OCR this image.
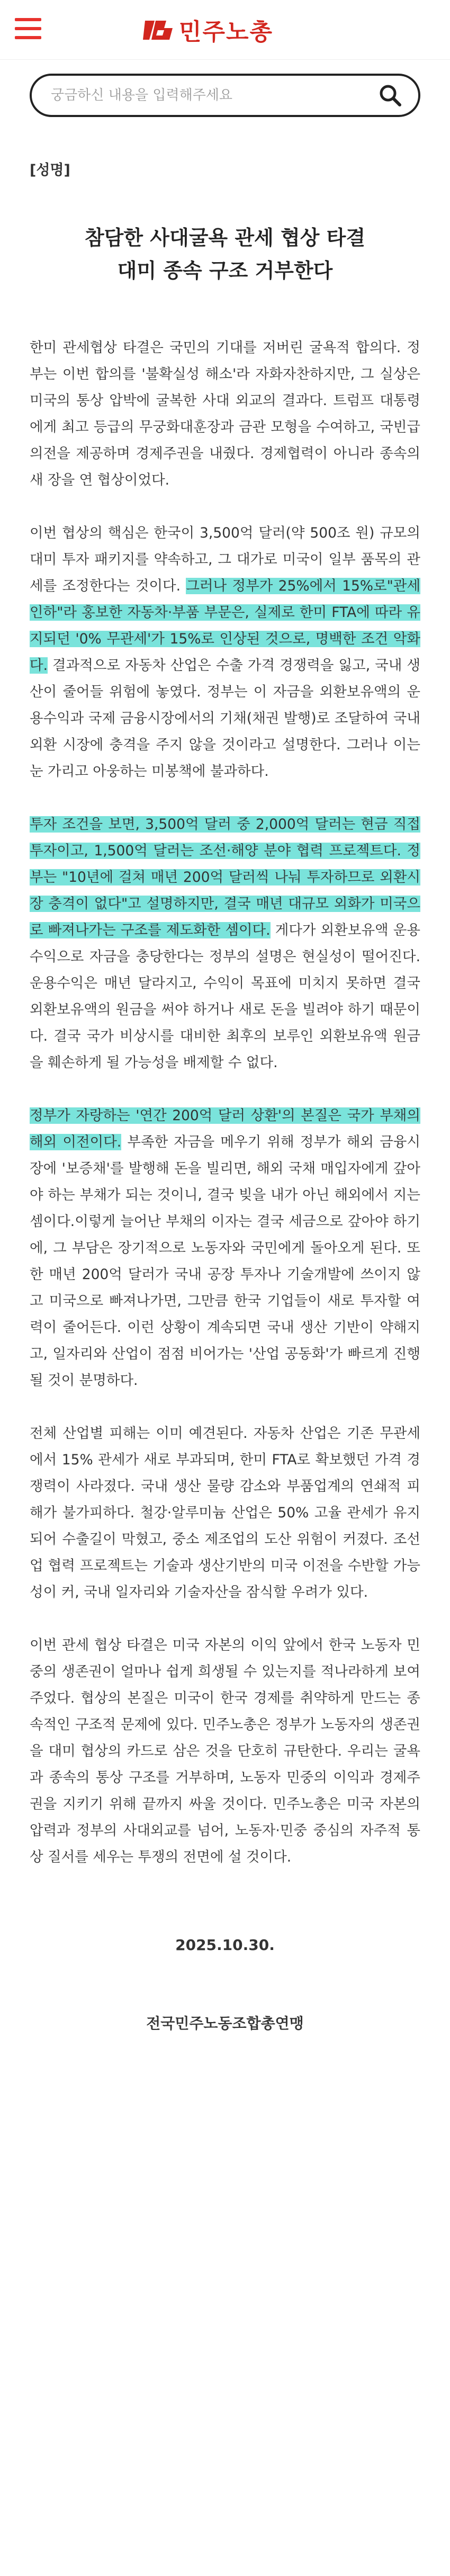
민주노총
궁금하신 내용을 입력해주세요
[성명]
참담한 사대굴욕 관세 협상 타결
대미 종속 구조 거부한다

한미 관세협상 타결은 국민의 기대를 저버린 굴욕적 합의다. 정부는 이번 합의를 '불확실성 해소'라 자화자찬하지만, 그 실상은 미국의 통상 압박에 굴복한 사대 외교의 결과다. 트럼프 대통령에게 최고 등급의 무궁화대훈장과 금관 모형을 수여하고, 국빈급 의전을 제공하며 경제주권을 내줬다. 경제협력이 아니라 종속의 새 장을 연 협상이었다.

이번 협상의 핵심은 한국이 3,500억 달러(약 500조 원) 규모의 대미 투자 패키지를 약속하고, 그 대가로 미국이 일부 품목의 관세를 조정한다는 것이다. 그러나 정부가 25%에서 15%로"관세 인하"라 홍보한 자동차·부품 부문은, 실제로 한미 FTA에 따라 유지되던 '0% 무관세'가 15%로 인상된 것으로, 명백한 조건 악화다. 결과적으로 자동차 산업은 수출 가격 경쟁력을 잃고, 국내 생산이 줄어들 위험에 놓였다. 정부는 이 자금을 외환보유액의 운용수익과 국제 금융시장에서의 기채(채권 발행)로 조달하여 국내 외환 시장에 충격을 주지 않을 것이라고 설명한다. 그러나 이는 눈 가리고 아웅하는 미봉책에 불과하다.

투자 조건을 보면, 3,500억 달러 중 2,000억 달러는 현금 직접투자이고, 1,500억 달러는 조선·해양 분야 협력 프로젝트다. 정부는 "10년에 걸쳐 매년 200억 달러씩 나눠 투자하므로 외환시장 충격이 없다"고 설명하지만, 결국 매년 대규모 외화가 미국으로 빠져나가는 구조를 제도화한 셈이다. 게다가 외환보유액 운용수익으로 자금을 충당한다는 정부의 설명은 현실성이 떨어진다. 운용수익은 매년 달라지고, 수익이 목표에 미치지 못하면 결국 외환보유액의 원금을 써야 하거나 새로 돈을 빌려야 하기 때문이다. 결국 국가 비상시를 대비한 최후의 보루인 외환보유액 원금을 훼손하게 될 가능성을 배제할 수 없다.

정부가 자랑하는 '연간 200억 달러 상환'의 본질은 국가 부채의 해외 이전이다. 부족한 자금을 메우기 위해 정부가 해외 금융시장에 '보증채'를 발행해 돈을 빌리면, 해외 국채 매입자에게 갚아야 하는 부채가 되는 것이니, 결국 빚을 내가 아닌 해외에서 지는 셈이다.이렇게 늘어난 부채의 이자는 결국 세금으로 갚아야 하기에, 그 부담은 장기적으로 노동자와 국민에게 돌아오게 된다. 또한 매년 200억 달러가 국내 공장 투자나 기술개발에 쓰이지 않고 미국으로 빠져나가면, 그만큼 한국 기업들이 새로 투자할 여력이 줄어든다. 이런 상황이 계속되면 국내 생산 기반이 약해지고, 일자리와 산업이 점점 비어가는 '산업 공동화'가 빠르게 진행될 것이 분명하다.

전체 산업별 피해는 이미 예견된다. 자동차 산업은 기존 무관세에서 15% 관세가 새로 부과되며, 한미 FTA로 확보했던 가격 경쟁력이 사라졌다. 국내 생산 물량 감소와 부품업계의 연쇄적 피해가 불가피하다. 철강·알루미늄 산업은 50% 고율 관세가 유지되어 수출길이 막혔고, 중소 제조업의 도산 위험이 커졌다. 조선업 협력 프로젝트는 기술과 생산기반의 미국 이전을 수반할 가능성이 커, 국내 일자리와 기술자산을 잠식할 우려가 있다.

이번 관세 협상 타결은 미국 자본의 이익 앞에서 한국 노동자 민중의 생존권이 얼마나 쉽게 희생될 수 있는지를 적나라하게 보여주었다. 협상의 본질은 미국이 한국 경제를 취약하게 만드는 종속적인 구조적 문제에 있다. 민주노총은 정부가 노동자의 생존권을 대미 협상의 카드로 삼은 것을 단호히 규탄한다. 우리는 굴욕과 종속의 통상 구조를 거부하며, 노동자 민중의 이익과 경제주권을 지키기 위해 끝까지 싸울 것이다. 민주노총은 미국 자본의 압력과 정부의 사대외교를 넘어, 노동자·민중 중심의 자주적 통상 질서를 세우는 투쟁의 전면에 설 것이다.

2025.10.30.
전국민주노동조합총연맹
